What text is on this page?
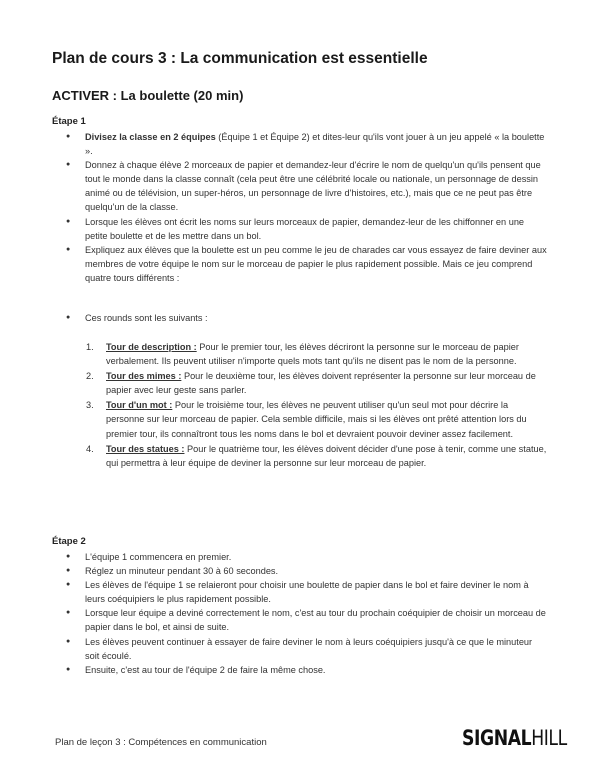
Plan de cours 3 : La communication est essentielle
ACTIVER : La boulette (20 min)
Étape 1
● Divisez la classe en 2 équipes (Équipe 1 et Équipe 2) et dites-leur qu'ils vont jouer à un jeu appelé « la boulette ».
● Donnez à chaque élève 2 morceaux de papier et demandez-leur d'écrire le nom de quelqu'un qu'ils pensent que tout le monde dans la classe connaît (cela peut être une célébrité locale ou nationale, un personnage de dessin animé ou de télévision, un super-héros, un personnage de livre d'histoires, etc.), mais que ce ne peut pas être quelqu'un de la classe.
● Lorsque les élèves ont écrit les noms sur leurs morceaux de papier, demandez-leur de les chiffonner en une petite boulette et de les mettre dans un bol.
● Expliquez aux élèves que la boulette est un peu comme le jeu de charades car vous essayez de faire deviner aux membres de votre équipe le nom sur le morceau de papier le plus rapidement possible. Mais ce jeu comprend quatre tours différents :
● Ces rounds sont les suivants :
1. Tour de description : Pour le premier tour, les élèves décriront la personne sur le morceau de papier verbalement. Ils peuvent utiliser n'importe quels mots tant qu'ils ne disent pas le nom de la personne.
2. Tour des mimes : Pour le deuxième tour, les élèves doivent représenter la personne sur leur morceau de papier avec leur geste sans parler.
3. Tour d'un mot : Pour le troisième tour, les élèves ne peuvent utiliser qu'un seul mot pour décrire la personne sur leur morceau de papier. Cela semble difficile, mais si les élèves ont prêté attention lors du premier tour, ils connaîtront tous les noms dans le bol et devraient pouvoir deviner assez facilement.
4. Tour des statues : Pour le quatrième tour, les élèves doivent décider d'une pose à tenir, comme une statue, qui permettra à leur équipe de deviner la personne sur leur morceau de papier.
Étape 2
● L'équipe 1 commencera en premier.
● Réglez un minuteur pendant 30 à 60 secondes.
● Les élèves de l'équipe 1 se relaieront pour choisir une boulette de papier dans le bol et faire deviner le nom à leurs coéquipiers le plus rapidement possible.
● Lorsque leur équipe a deviné correctement le nom, c'est au tour du prochain coéquipier de choisir un morceau de papier dans le bol, et ainsi de suite.
● Les élèves peuvent continuer à essayer de faire deviner le nom à leurs coéquipiers jusqu'à ce que le minuteur soit écoulé.
● Ensuite, c'est au tour de l'équipe 2 de faire la même chose.
Plan de leçon 3 : Compétences en communication	SIGNALHILL
